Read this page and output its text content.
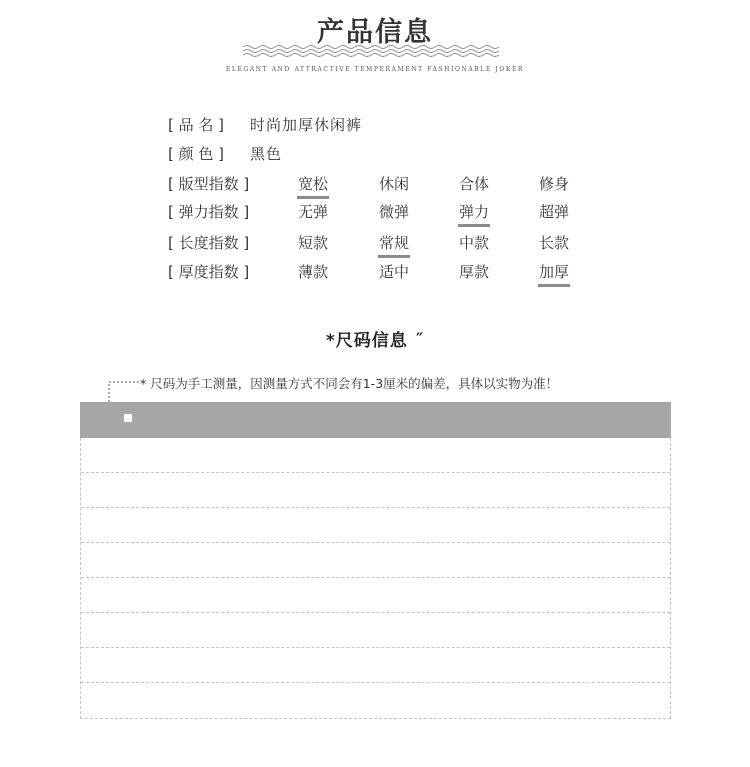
产品信息
ELEGANT AND ATTRACTIVE TEMPERAMENT FASHIONABLE JOKER
[ 品 名 ] 时尚加厚休闲裤
[ 颜 色 ] 黑色
[ 版型指数 ]	宽松	休闲	合体	修身
[ 弹力指数 ]	无弹	微弹	弹力	超弹
[ 长度指数 ]	短款	常规	中款	长款
[ 厚度指数 ]	薄款	适中	厚款	加厚
*尺码信息 ˝
* 尺码为手工测量，因测量方式不同会有1-3厘米的偏差，具体以实物为准！
